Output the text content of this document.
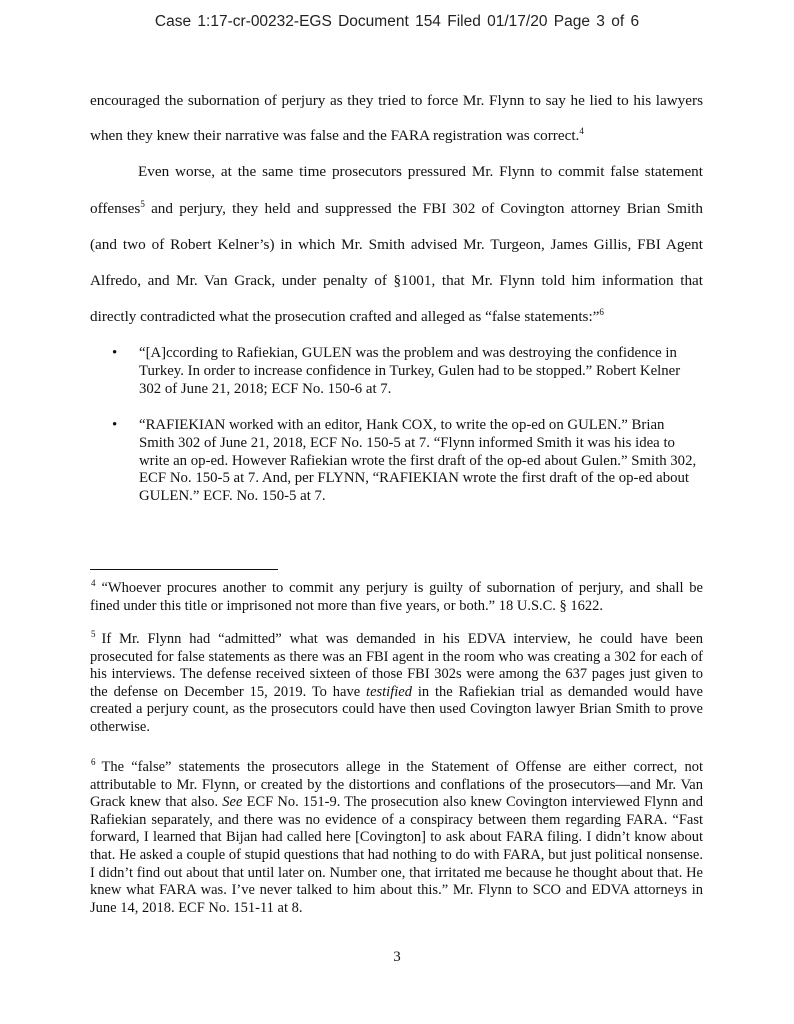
Case 1:17-cr-00232-EGS Document 154 Filed 01/17/20 Page 3 of 6
encouraged the subornation of perjury as they tried to force Mr. Flynn to say he lied to his lawyers
when they knew their narrative was false and the FARA registration was correct.$^4$
Even worse, at the same time prosecutors pressured Mr. Flynn to commit false statement
offenses$^5$ and perjury, they held and suppressed the FBI 302 of Covington attorney Brian Smith
(and two of Robert Kelner’s) in which Mr. Smith advised Mr. Turgeon, James Gillis, FBI Agent
Alfredo, and Mr. Van Grack, under penalty of §1001, that Mr. Flynn told him information that
directly contradicted what the prosecution crafted and alleged as “false statements:”$^6$
• “[A]ccording to Rafiekian, GULEN was the problem and was destroying the confidence in Turkey. In order to increase confidence in Turkey, Gulen had to be stopped.” Robert Kelner 302 of June 21, 2018; ECF No. 150-6 at 7.
• “RAFIEKIAN worked with an editor, Hank COX, to write the op-ed on GULEN.” Brian Smith 302 of June 21, 2018, ECF No. 150-5 at 7. “Flynn informed Smith it was his idea to write an op-ed. However Rafiekian wrote the first draft of the op-ed about Gulen.” Smith 302, ECF No. 150-5 at 7. And, per FLYNN, “RAFIEKIAN wrote the first draft of the op-ed about GULEN.” ECF. No. 150-5 at 7.
$^4$ “Whoever procures another to commit any perjury is guilty of subornation of perjury, and shall be fined under this title or imprisoned not more than five years, or both.” 18 U.S.C. § 1622.
$^5$ If Mr. Flynn had “admitted” what was demanded in his EDVA interview, he could have been prosecuted for false statements as there was an FBI agent in the room who was creating a 302 for each of his interviews. The defense received sixteen of those FBI 302s were among the 637 pages just given to the defense on December 15, 2019. To have testified in the Rafiekian trial as demanded would have created a perjury count, as the prosecutors could have then used Covington lawyer Brian Smith to prove otherwise.
$^6$ The “false” statements the prosecutors allege in the Statement of Offense are either correct, not attributable to Mr. Flynn, or created by the distortions and conflations of the prosecutors—and Mr. Van Grack knew that also. See ECF No. 151-9. The prosecution also knew Covington interviewed Flynn and Rafiekian separately, and there was no evidence of a conspiracy between them regarding FARA. “Fast forward, I learned that Bijan had called here [Covington] to ask about FARA filing. I didn’t know about that. He asked a couple of stupid questions that had nothing to do with FARA, but just political nonsense. I didn’t find out about that until later on. Number one, that irritated me because he thought about that. He knew what FARA was. I’ve never talked to him about this.” Mr. Flynn to SCO and EDVA attorneys in June 14, 2018. ECF No. 151-11 at 8.
3
